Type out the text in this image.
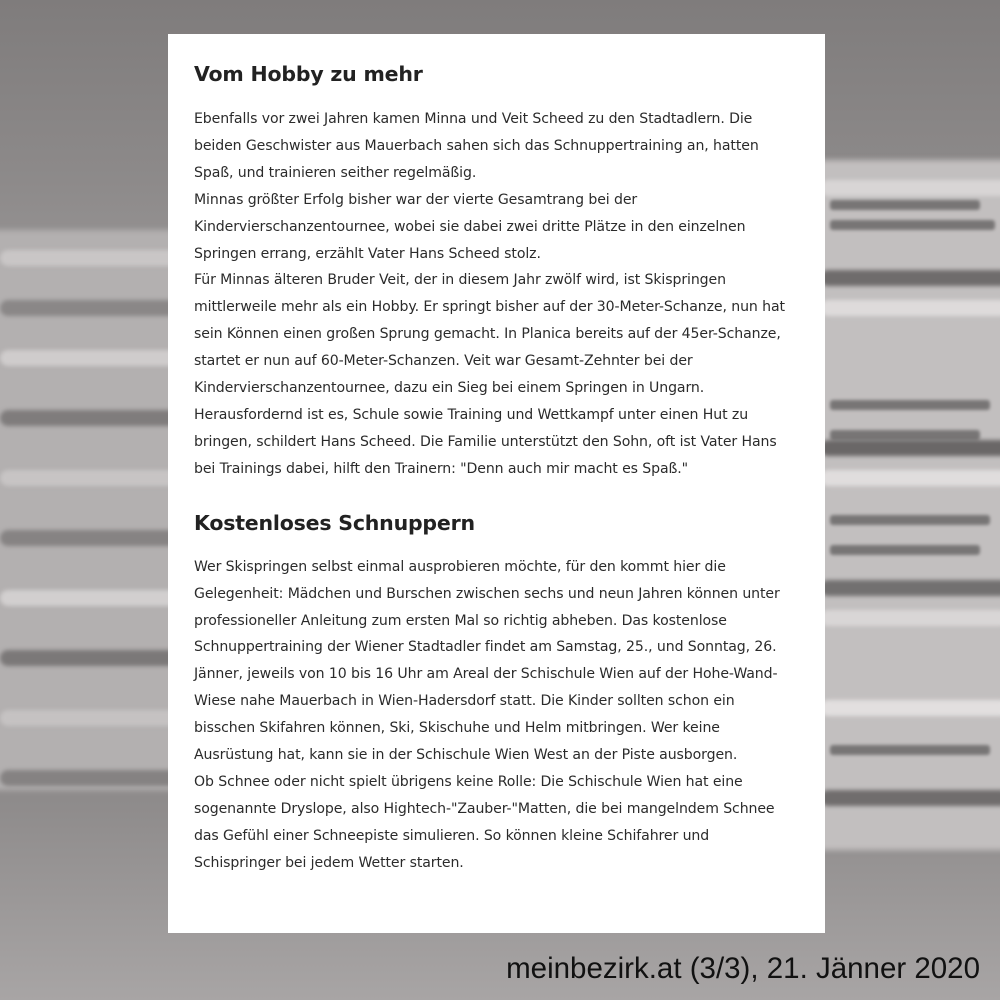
Vom Hobby zu mehr

Ebenfalls vor zwei Jahren kamen Minna und Veit Scheed zu den Stadtadlern. Die beiden Geschwister aus Mauerbach sahen sich das Schnuppertraining an, hatten Spaß, und trainieren seither regelmäßig.

Minnas größter Erfolg bisher war der vierte Gesamtrang bei der Kindervierschanzentournee, wobei sie dabei zwei dritte Plätze in den einzelnen Springen errang, erzählt Vater Hans Scheed stolz.

Für Minnas älteren Bruder Veit, der in diesem Jahr zwölf wird, ist Skispringen mittlerweile mehr als ein Hobby. Er springt bisher auf der 30-Meter-Schanze, nun hat sein Können einen großen Sprung gemacht. In Planica bereits auf der 45er-Schanze, startet er nun auf 60-Meter-Schanzen. Veit war Gesamt-Zehnter bei der Kindervierschanzentournee, dazu ein Sieg bei einem Springen in Ungarn.

Herausfordernd ist es, Schule sowie Training und Wettkampf unter einen Hut zu bringen, schildert Hans Scheed. Die Familie unterstützt den Sohn, oft ist Vater Hans bei Trainings dabei, hilft den Trainern: "Denn auch mir macht es Spaß."

Kostenloses Schnuppern

Wer Skispringen selbst einmal ausprobieren möchte, für den kommt hier die Gelegenheit: Mädchen und Burschen zwischen sechs und neun Jahren können unter professioneller Anleitung zum ersten Mal so richtig abheben. Das kostenlose Schnuppertraining der Wiener Stadtadler findet am Samstag, 25., und Sonntag, 26. Jänner, jeweils von 10 bis 16 Uhr am Areal der Schischule Wien auf der Hohe-Wand-Wiese nahe Mauerbach in Wien-Hadersdorf statt. Die Kinder sollten schon ein bisschen Skifahren können, Ski, Skischuhe und Helm mitbringen. Wer keine Ausrüstung hat, kann sie in der Schischule Wien West an der Piste ausborgen.

Ob Schnee oder nicht spielt übrigens keine Rolle: Die Schischule Wien hat eine sogenannte Dryslope, also Hightech-"Zauber-"Matten, die bei mangelndem Schnee das Gefühl einer Schneepiste simulieren. So können kleine Schifahrer und Schispringer bei jedem Wetter starten.

meinbezirk.at (3/3), 21. Jänner 2020
